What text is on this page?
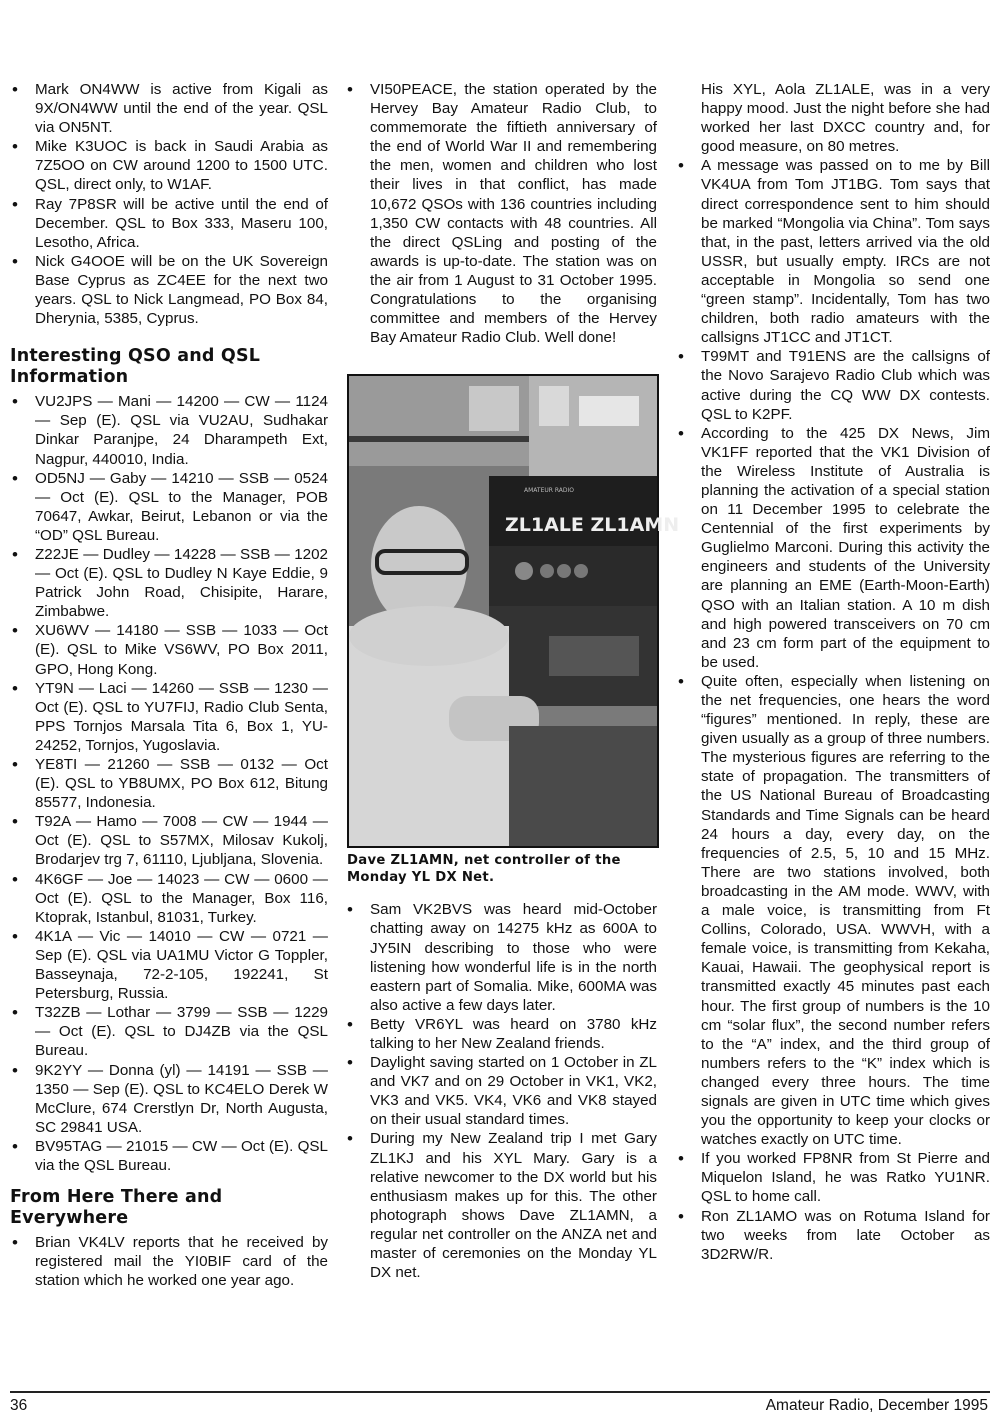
• Mark ON4WW is active from Kigali as 9X/ON4WW until the end of the year. QSL via ON5NT.
• Mike K3UOC is back in Saudi Arabia as 7Z5OO on CW around 1200 to 1500 UTC. QSL, direct only, to W1AF.
• Ray 7P8SR will be active until the end of December. QSL to Box 333, Maseru 100, Lesotho, Africa.
• Nick G4OOE will be on the UK Sovereign Base Cyprus as ZC4EE for the next two years. QSL to Nick Langmead, PO Box 84, Dherynia, 5385, Cyprus.
Interesting QSO and QSL Information
• VU2JPS — Mani — 14200 — CW — 1124 — Sep (E). QSL via VU2AU, Sudhakar Dinkar Paranjpe, 24 Dharampeth Ext, Nagpur, 440010, India.
• OD5NJ — Gaby — 14210 — SSB — 0524 — Oct (E). QSL to the Manager, POB 70647, Awkar, Beirut, Lebanon or via the “OD” QSL Bureau.
• Z22JE — Dudley — 14228 — SSB — 1202 — Oct (E). QSL to Dudley N Kaye Eddie, 9 Patrick John Road, Chisipite, Harare, Zimbabwe.
• XU6WV — 14180 — SSB — 1033 — Oct (E). QSL to Mike VS6WV, PO Box 2011, GPO, Hong Kong.
• YT9N — Laci — 14260 — SSB — 1230 — Oct (E). QSL to YU7FIJ, Radio Club Senta, PPS Tornjos Marsala Tita 6, Box 1, YU-24252, Tornjos, Yugoslavia.
• YE8TI — 21260 — SSB — 0132 — Oct (E). QSL to YB8UMX, PO Box 612, Bitung 85577, Indonesia.
• T92A — Hamo — 7008 — CW — 1944 — Oct (E). QSL to S57MX, Milosav Kukolj, Brodarjev trg 7, 61110, Ljubljana, Slovenia.
• 4K6GF — Joe — 14023 — CW — 0600 — Oct (E). QSL to the Manager, Box 116, Ktoprak, Istanbul, 81031, Turkey.
• 4K1A — Vic — 14010 — CW — 0721 — Sep (E). QSL via UA1MU Victor G Toppler, Basseynaja, 72-2-105, 192241, St Petersburg, Russia.
• T32ZB — Lothar — 3799 — SSB — 1229 — Oct (E). QSL to DJ4ZB via the QSL Bureau.
• 9K2YY — Donna (yl) — 14191 — SSB — 1350 — Sep (E). QSL to KC4ELO Derek W McClure, 674 Crerstlyn Dr, North Augusta, SC 29841 USA.
• BV95TAG — 21015 — CW — Oct (E). QSL via the QSL Bureau.
From Here There and Everywhere
• Brian VK4LV reports that he received by registered mail the YI0BIF card of the station which he worked one year ago.
• VI50PEACE, the station operated by the Hervey Bay Amateur Radio Club, to commemorate the fiftieth anniversary of the end of World War II and remembering the men, women and children who lost their lives in that conflict, has made 10,672 QSOs with 136 countries including 1,350 CW contacts with 48 countries. All the direct QSLing and posting of the awards is up-to-date. The station was on the air from 1 August to 31 October 1995. Congratulations to the organising committee and members of the Hervey Bay Amateur Radio Club. Well done!
ZL1ALE ZL1AMN
AMATEUR RADIO
Dave ZL1AMN, net controller of the Monday YL DX Net.
• Sam VK2BVS was heard mid-October chatting away on 14275 kHz as 600A to JY5IN describing to those who were listening how wonderful life is in the north eastern part of Somalia. Mike, 600MA was also active a few days later.
• Betty VR6YL was heard on 3780 kHz talking to her New Zealand friends.
• Daylight saving started on 1 October in ZL and VK7 and on 29 October in VK1, VK2, VK3 and VK5. VK4, VK6 and VK8 stayed on their usual standard times.
• During my New Zealand trip I met Gary ZL1KJ and his XYL Mary. Gary is a relative newcomer to the DX world but his enthusiasm makes up for this. The other photograph shows Dave ZL1AMN, a regular net controller on the ANZA net and master of ceremonies on the Monday YL DX net.

His XYL, Aola ZL1ALE, was in a very happy mood. Just the night before she had worked her last DXCC country and, for good measure, on 80 metres.

• A message was passed on to me by Bill VK4UA from Tom JT1BG. Tom says that direct correspondence sent to him should be marked “Mongolia via China”. Tom says that, in the past, letters arrived via the old USSR, but usually empty. IRCs are not acceptable in Mongolia so send one “green stamp”. Incidentally, Tom has two children, both radio amateurs with the callsigns JT1CC and JT1CT.
• T99MT and T91ENS are the callsigns of the Novo Sarajevo Radio Club which was active during the CQ WW DX contests. QSL to K2PF.
• According to the 425 DX News, Jim VK1FF reported that the VK1 Division of the Wireless Institute of Australia is planning the activation of a special station on 11 December 1995 to celebrate the Centennial of the first experiments by Guglielmo Marconi. During this activity the engineers and students of the University are planning an EME (Earth-Moon-Earth) QSO with an Italian station. A 10 m dish and high powered transceivers on 70 cm and 23 cm form part of the equipment to be used.
• Quite often, especially when listening on the net frequencies, one hears the word “figures” mentioned. In reply, these are given usually as a group of three numbers. The mysterious figures are referring to the state of propagation. The transmitters of the US National Bureau of Broadcasting Standards and Time Signals can be heard 24 hours a day, every day, on the frequencies of 2.5, 5, 10 and 15 MHz. There are two stations involved, both broadcasting in the AM mode. WWV, with a male voice, is transmitting from Ft Collins, Colorado, USA. WWVH, with a female voice, is transmitting from Kekaha, Kauai, Hawaii. The geophysical report is transmitted exactly 45 minutes past each hour. The first group of numbers is the 10 cm “solar flux”, the second number refers to the “A” index, and the third group of numbers refers to the “K” index which is changed every three hours. The time signals are given in UTC time which gives you the opportunity to keep your clocks or watches exactly on UTC time.
• If you worked FP8NR from St Pierre and Miquelon Island, he was Ratko YU1NR. QSL to home call.
• Ron ZL1AMO was on Rotuma Island for two weeks from late October as 3D2RW/R.
36	Amateur Radio, December 1995
